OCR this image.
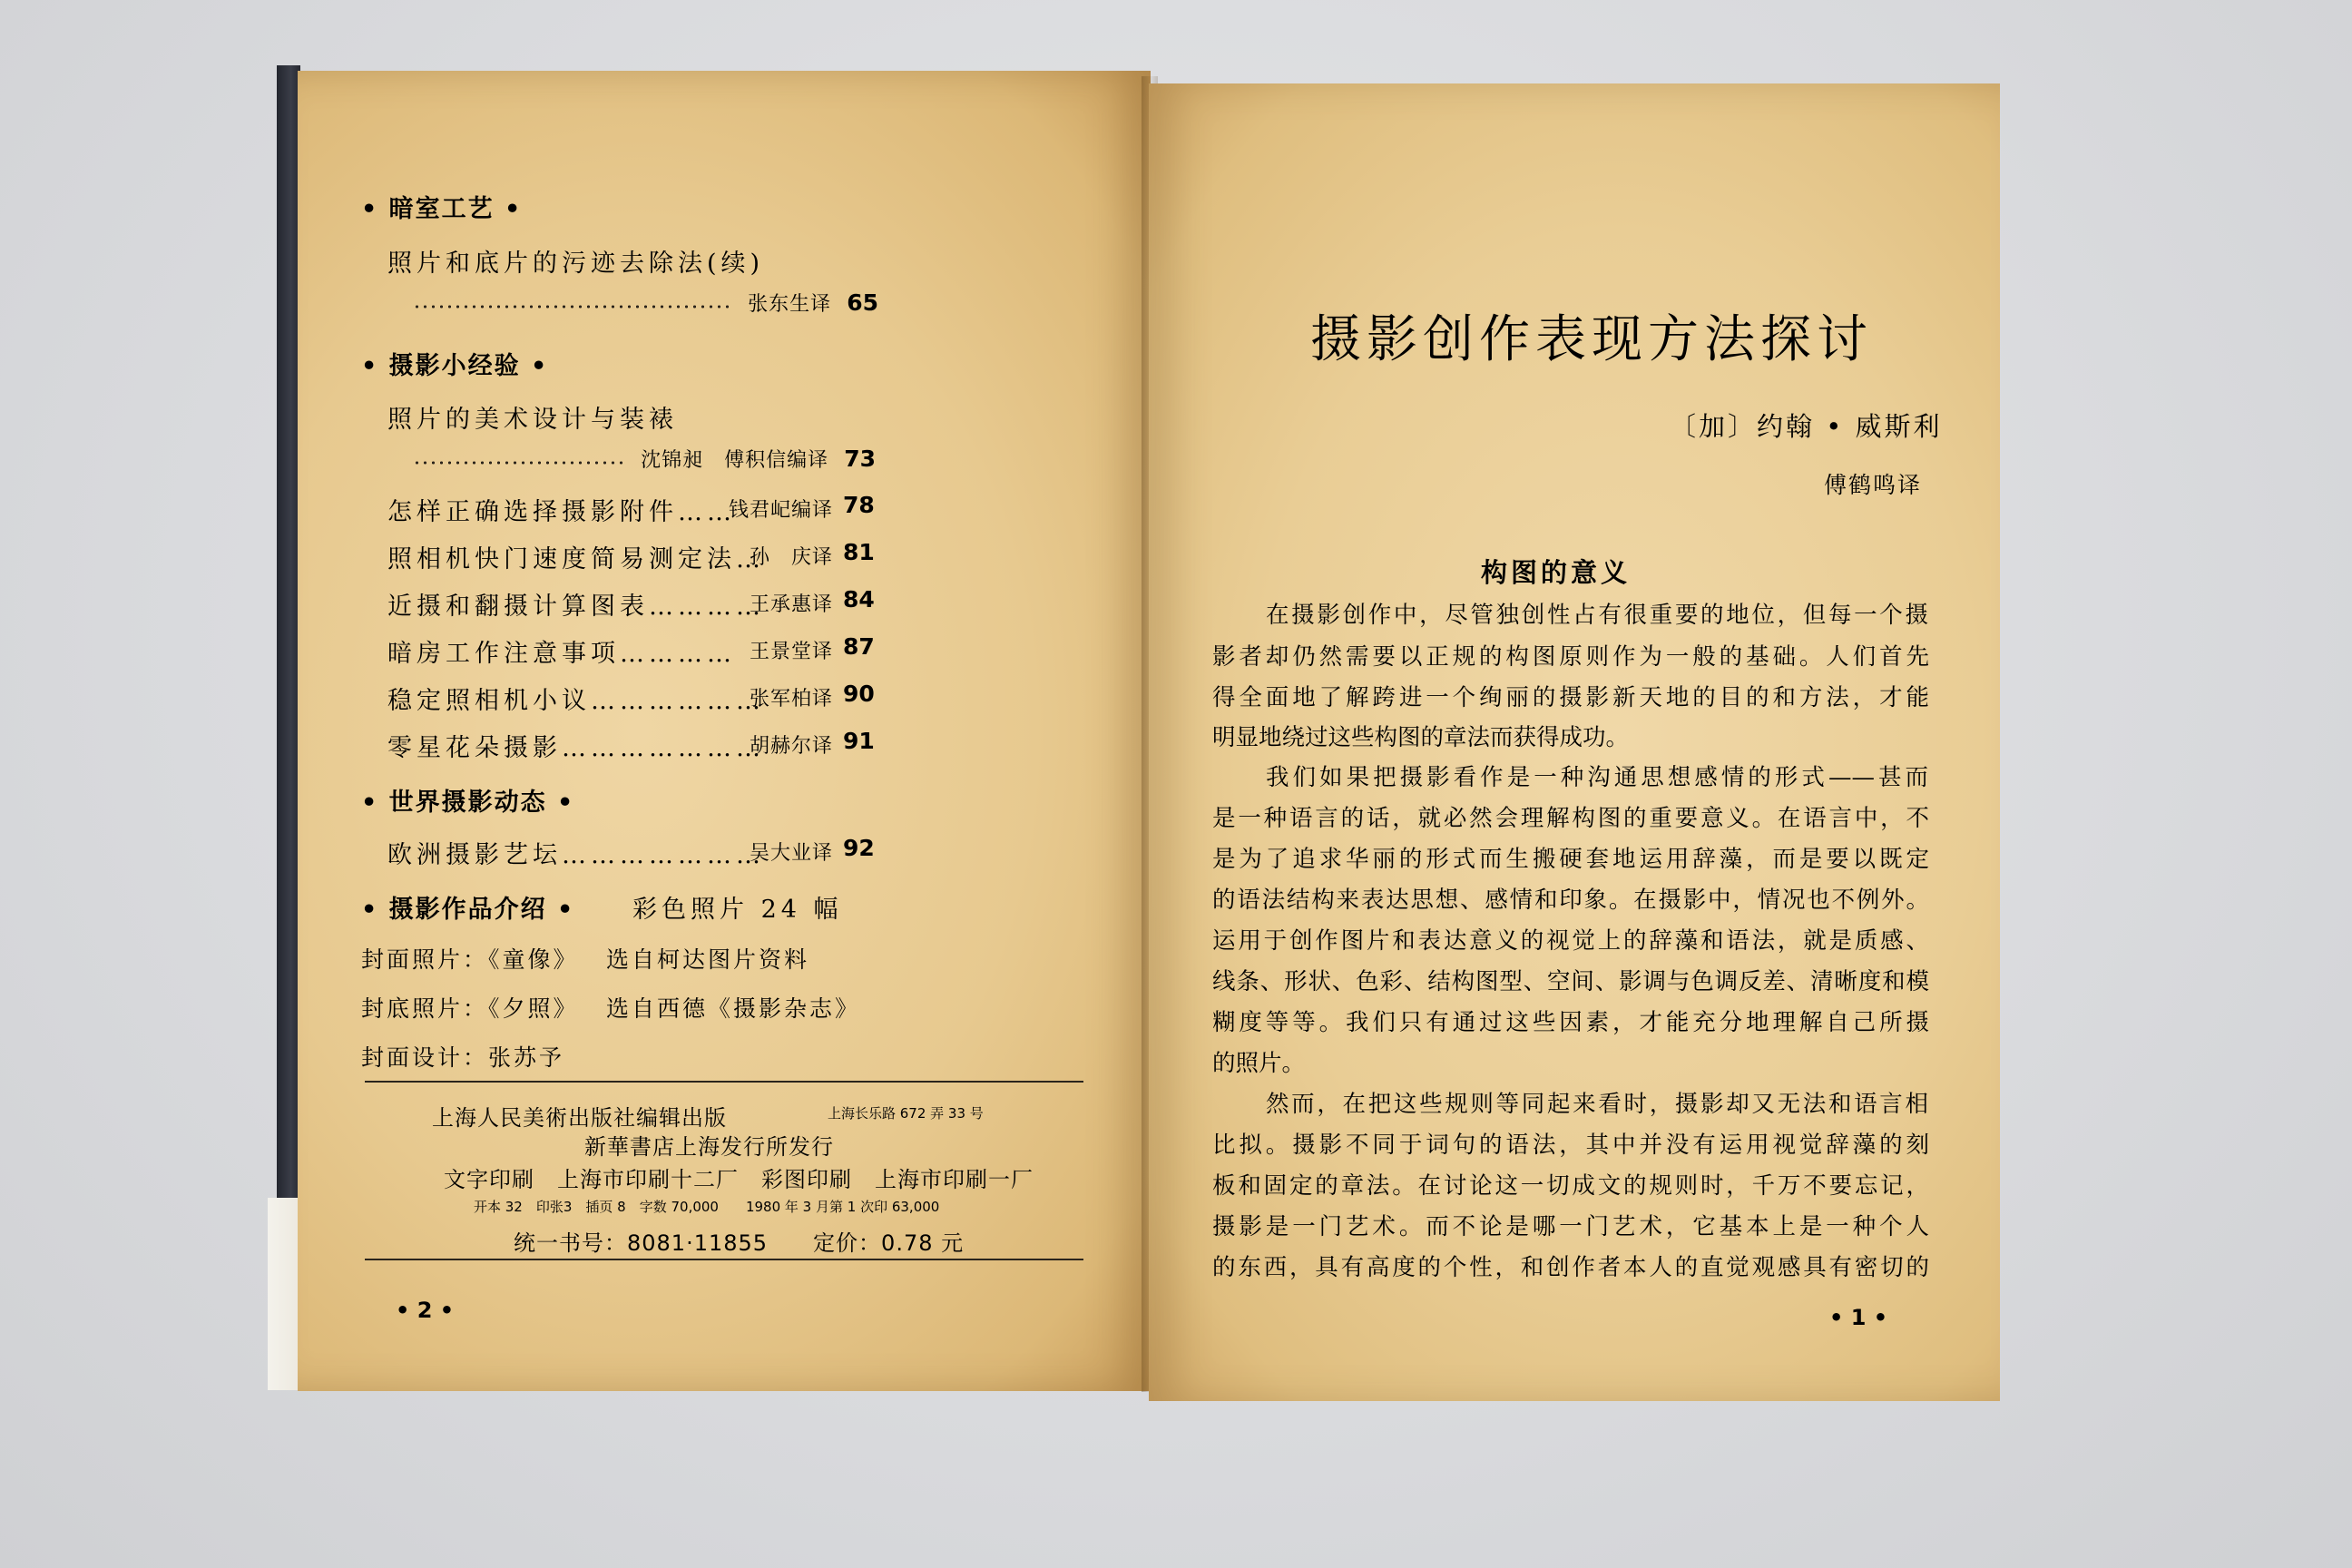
• 暗室工艺 •
照片和底片的污迹去除法(续)
张东生译 65
• 摄影小经验 •
照片的美术设计与装裱
沈锦昶　傅积信编译 73
怎样正确选择摄影附件……
钱君屺编译 78
照相机快门速度简易测定法…
孙　庆译 81
近摄和翻摄计算图表…………
王承惠译 84
暗房工作注意事项………… 王景堂译 87
稳定照相机小议………………
张军柏译 90
零星花朵摄影…………………
胡赫尔译 91
• 世界摄影动态 •
欧洲摄影艺坛…………………
吴大业译 92
• 摄影作品介绍 • 彩色照片 24 幅
封面照片：《童像》 选自柯达图片资料
封底照片：《夕照》 选自西德《摄影杂志》
封面设计：张苏予
上海人民美術出版社编辑出版	上海长乐路 672 弄 33 号
新華書店上海发行所发行
文字印刷　上海市印刷十二厂　彩图印刷　上海市印刷一厂
开本 32　印张3　插页 8　字数 70,000　　1980 年 3 月第 1 次印 63,000
统一书号：8081·11855　　定价：0.78 元
• 2 •
摄影创作表现方法探讨
〔加〕约翰 • 威斯利
傅鹤鸣译
构图的意义
在摄影创作中，尽管独创性占有很重要的地位，但每一个摄
影者却仍然需要以正规的构图原则作为一般的基础。人们首先
得全面地了解跨进一个绚丽的摄影新天地的目的和方法，才能
明显地绕过这些构图的章法而获得成功。
我们如果把摄影看作是一种沟通思想感情的形式——甚而
是一种语言的话，就必然会理解构图的重要意义。在语言中，不
是为了追求华丽的形式而生搬硬套地运用辞藻，而是要以既定
的语法结构来表达思想、感情和印象。在摄影中，情况也不例外。
运用于创作图片和表达意义的视觉上的辞藻和语法，就是质感、
线条、形状、色彩、结构图型、空间、影调与色调反差、清晰度和模
糊度等等。我们只有通过这些因素，才能充分地理解自己所摄
的照片。
然而，在把这些规则等同起来看时，摄影却又无法和语言相
比拟。摄影不同于词句的语法，其中并没有运用视觉辞藻的刻
板和固定的章法。在讨论这一切成文的规则时，千万不要忘记，
摄影是一门艺术。而不论是哪一门艺术，它基本上是一种个人
的东西，具有高度的个性，和创作者本人的直觉观感具有密切的
• 1 •
